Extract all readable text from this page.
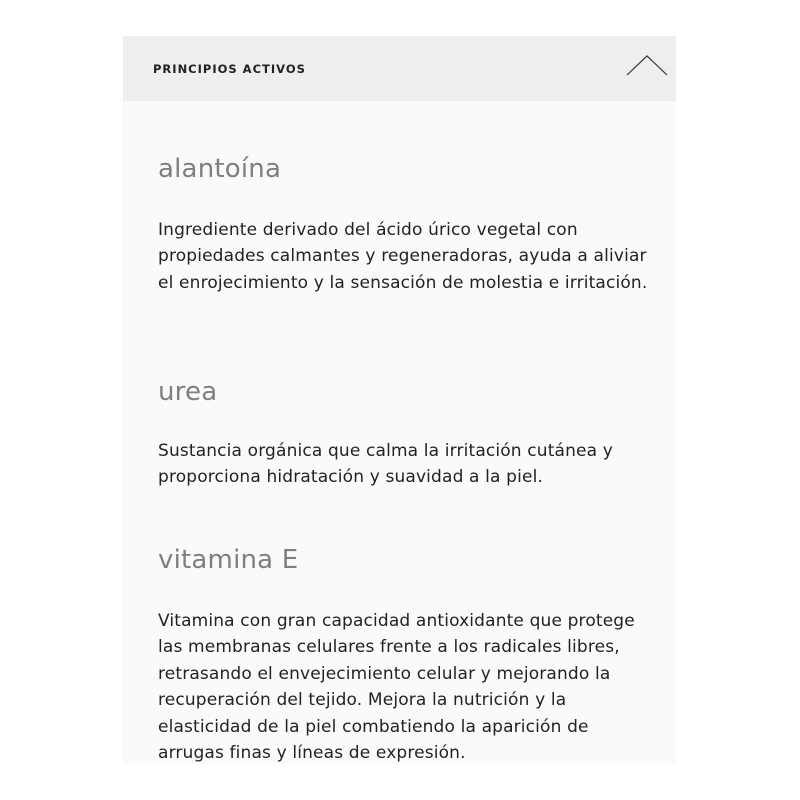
PRINCIPIOS ACTIVOS
alantoína

Ingrediente derivado del ácido úrico vegetal con propiedades calmantes y regeneradoras, ayuda a aliviar el enrojecimiento y la sensación de molestia e irritación.

urea

Sustancia orgánica que calma la irritación cutánea y proporciona hidratación y suavidad a la piel.

vitamina E

Vitamina con gran capacidad antioxidante que protege las membranas celulares frente a los radicales libres, retrasando el envejecimiento celular y mejorando la recuperación del tejido. Mejora la nutrición y la elasticidad de la piel combatiendo la aparición de arrugas finas y líneas de expresión.
